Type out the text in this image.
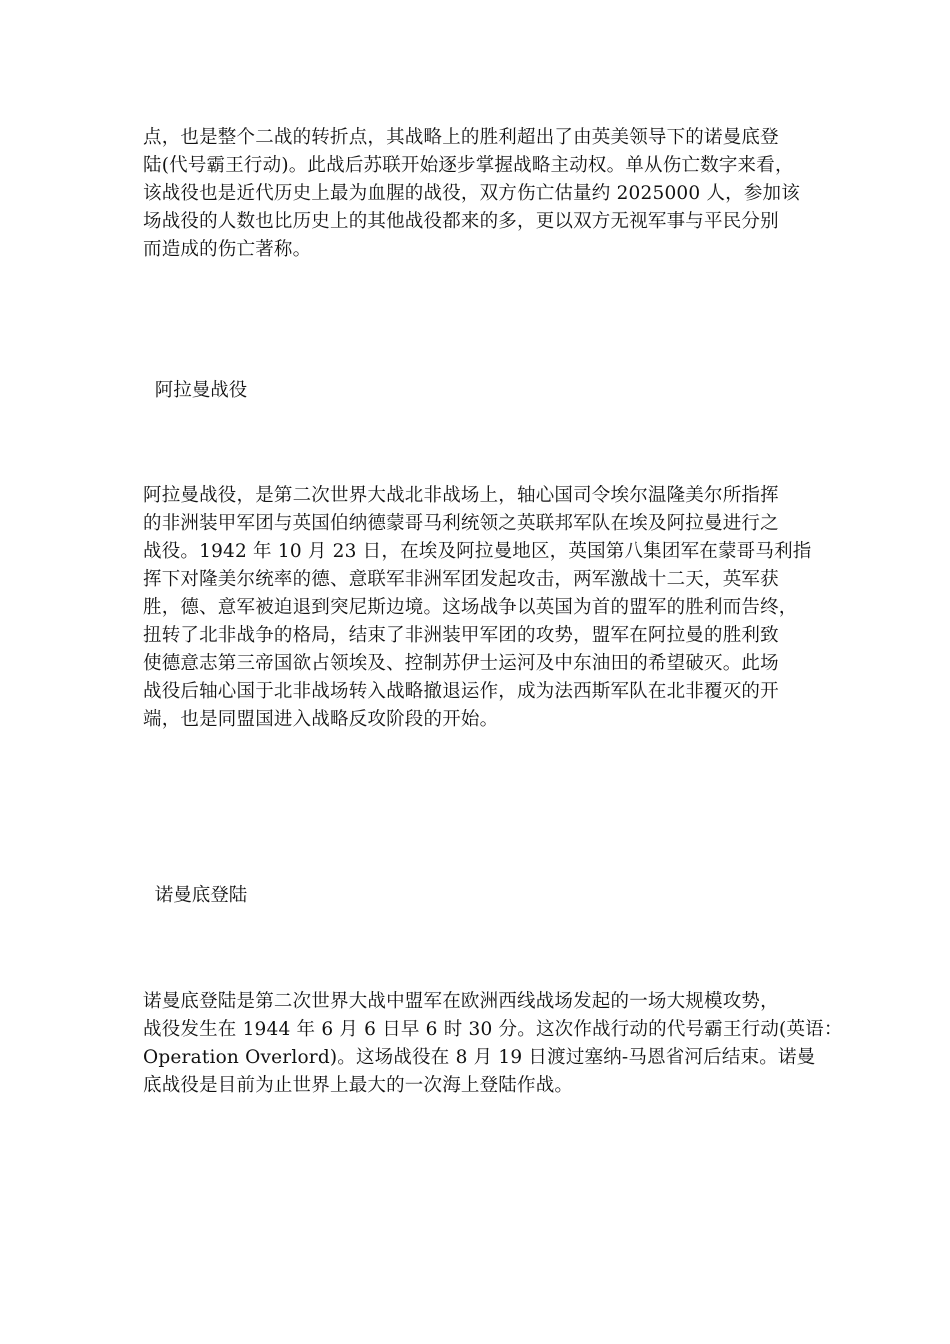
点，也是整个二战的转折点，其战略上的胜利超出了由英美领导下的诺曼底登
陆(代号霸王行动)。此战后苏联开始逐步掌握战略主动权。单从伤亡数字来看，
该战役也是近代历史上最为血腥的战役，双方伤亡估量约 2025000 人，参加该
场战役的人数也比历史上的其他战役都来的多，更以双方无视军事与平民分别
而造成的伤亡著称。
阿拉曼战役
阿拉曼战役，是第二次世界大战北非战场上，轴心国司令埃尔温隆美尔所指挥
的非洲装甲军团与英国伯纳德蒙哥马利统领之英联邦军队在埃及阿拉曼进行之
战役。1942 年 10 月 23 日，在埃及阿拉曼地区，英国第八集团军在蒙哥马利指
挥下对隆美尔统率的德、意联军非洲军团发起攻击，两军激战十二天，英军获
胜，德、意军被迫退到突尼斯边境。这场战争以英国为首的盟军的胜利而告终，
扭转了北非战争的格局，结束了非洲装甲军团的攻势，盟军在阿拉曼的胜利致
使德意志第三帝国欲占领埃及、控制苏伊士运河及中东油田的希望破灭。此场
战役后轴心国于北非战场转入战略撤退运作，成为法西斯军队在北非覆灭的开
端，也是同盟国进入战略反攻阶段的开始。
诺曼底登陆
诺曼底登陆是第二次世界大战中盟军在欧洲西线战场发起的一场大规模攻势，
战役发生在 1944 年 6 月 6 日早 6 时 30 分。这次作战行动的代号霸王行动(英语：
Operation Overlord)。这场战役在 8 月 19 日渡过塞纳-马恩省河后结束。诺曼
底战役是目前为止世界上最大的一次海上登陆作战。
